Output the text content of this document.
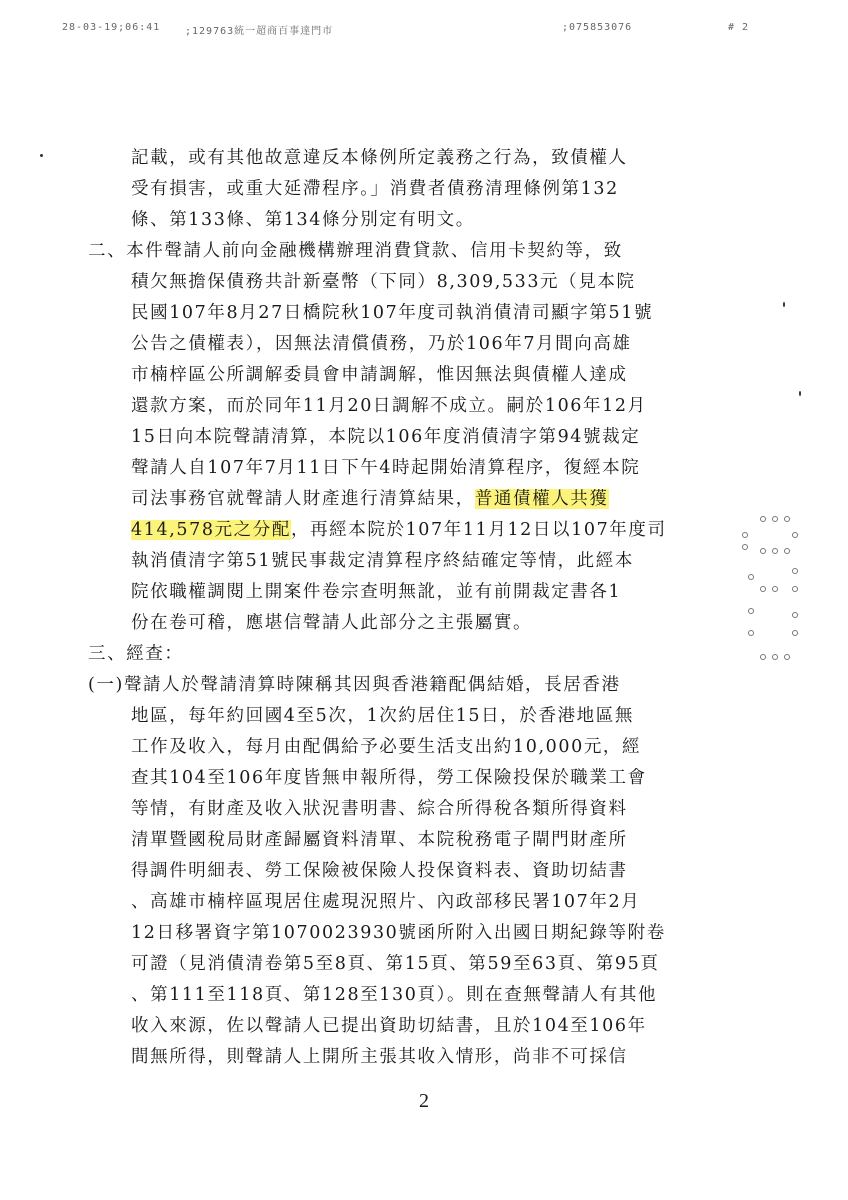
28-03-19;06:41 ;129763統一超商百事達門市	;075853076	# 2
記載，或有其他故意違反本條例所定義務之行為，致債權人
受有損害，或重大延滯程序。」消費者債務清理條例第132
條、第133條、第134條分別定有明文。
二、本件聲請人前向金融機構辦理消費貸款、信用卡契約等，致
積欠無擔保債務共計新臺幣（下同）8,309,533元（見本院
民國107年8月27日橋院秋107年度司執消債清司顯字第51號
公告之債權表），因無法清償債務，乃於106年7月間向高雄
市楠梓區公所調解委員會申請調解，惟因無法與債權人達成
還款方案，而於同年11月20日調解不成立。嗣於106年12月
15日向本院聲請清算，本院以106年度消債清字第94號裁定
聲請人自107年7月11日下午4時起開始清算程序，復經本院
司法事務官就聲請人財產進行清算結果，普通債權人共獲
414,578元之分配，再經本院於107年11月12日以107年度司
執消債清字第51號民事裁定清算程序終結確定等情，此經本
院依職權調閱上開案件卷宗查明無訛，並有前開裁定書各1
份在卷可稽，應堪信聲請人此部分之主張屬實。
三、經查：
(一)聲請人於聲請清算時陳稱其因與香港籍配偶結婚，長居香港
地區，每年約回國4至5次，1次約居住15日，於香港地區無
工作及收入，每月由配偶給予必要生活支出約10,000元，經
查其104至106年度皆無申報所得，勞工保險投保於職業工會
等情，有財產及收入狀況書明書、綜合所得稅各類所得資料
清單暨國稅局財產歸屬資料清單、本院稅務電子閘門財產所
得調件明細表、勞工保險被保險人投保資料表、資助切結書
、高雄市楠梓區現居住處現況照片、內政部移民署107年2月
12日移署資字第1070023930號函所附入出國日期紀錄等附卷
可證（見消債清卷第5至8頁、第15頁、第59至63頁、第95頁
、第111至118頁、第128至130頁）。則在查無聲請人有其他
收入來源，佐以聲請人已提出資助切結書，且於104至106年
間無所得，則聲請人上開所主張其收入情形，尚非不可採信
2
